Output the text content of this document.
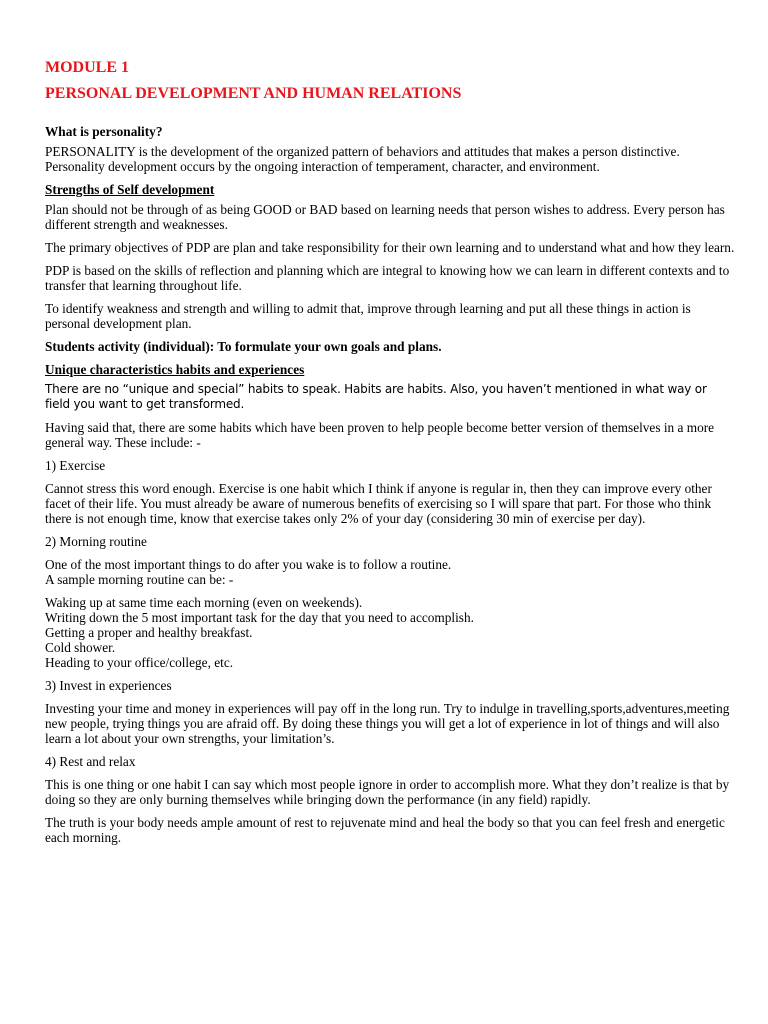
MODULE 1
PERSONAL DEVELOPMENT AND HUMAN RELATIONS
What is personality?

PERSONALITY is the development of the organized pattern of behaviors and attitudes that makes a person distinctive. Personality development occurs by the ongoing interaction of temperament, character, and environment.

Strengths of Self development

Plan should not be through of as being GOOD or BAD based on learning needs that person wishes to address. Every person has different strength and weaknesses.

The primary objectives of PDP are plan and take responsibility for their own learning and to understand what and how they learn.

PDP is based on the skills of reflection and planning which are integral to knowing how we can learn in different contexts and to transfer that learning throughout life.

To identify weakness and strength and willing to admit that, improve through learning and put all these things in action is personal development plan.

Students activity (individual): To formulate your own goals and plans.
Unique characteristics habits and experiences

There are no “unique and special” habits to speak. Habits are habits. Also, you haven’t mentioned in what way or field you want to get transformed.

Having said that, there are some habits which have been proven to help people become better version of themselves in a more general way. These include: -

1) Exercise

Cannot stress this word enough. Exercise is one habit which I think if anyone is regular in, then they can improve every other facet of their life. You must already be aware of numerous benefits of exercising so I will spare that part. For those who think there is not enough time, know that exercise takes only 2% of your day (considering 30 min of exercise per day).

2) Morning routine

One of the most important things to do after you wake is to follow a routine.
A sample morning routine can be: -
Waking up at same time each morning (even on weekends).
Writing down the 5 most important task for the day that you need to accomplish.
Getting a proper and healthy breakfast.
Cold shower.
Heading to your office/college, etc.

3) Invest in experiences

Investing your time and money in experiences will pay off in the long run. Try to indulge in travelling,sports,adventures,meeting new people, trying things you are afraid off. By doing these things you will get a lot of experience in lot of things and will also learn a lot about your own strengths, your limitation’s.

4) Rest and relax

This is one thing or one habit I can say which most people ignore in order to accomplish more. What they don’t realize is that by doing so they are only burning themselves while bringing down the performance (in any field) rapidly.

The truth is your body needs ample amount of rest to rejuvenate mind and heal the body so that you can feel fresh and energetic each morning.
